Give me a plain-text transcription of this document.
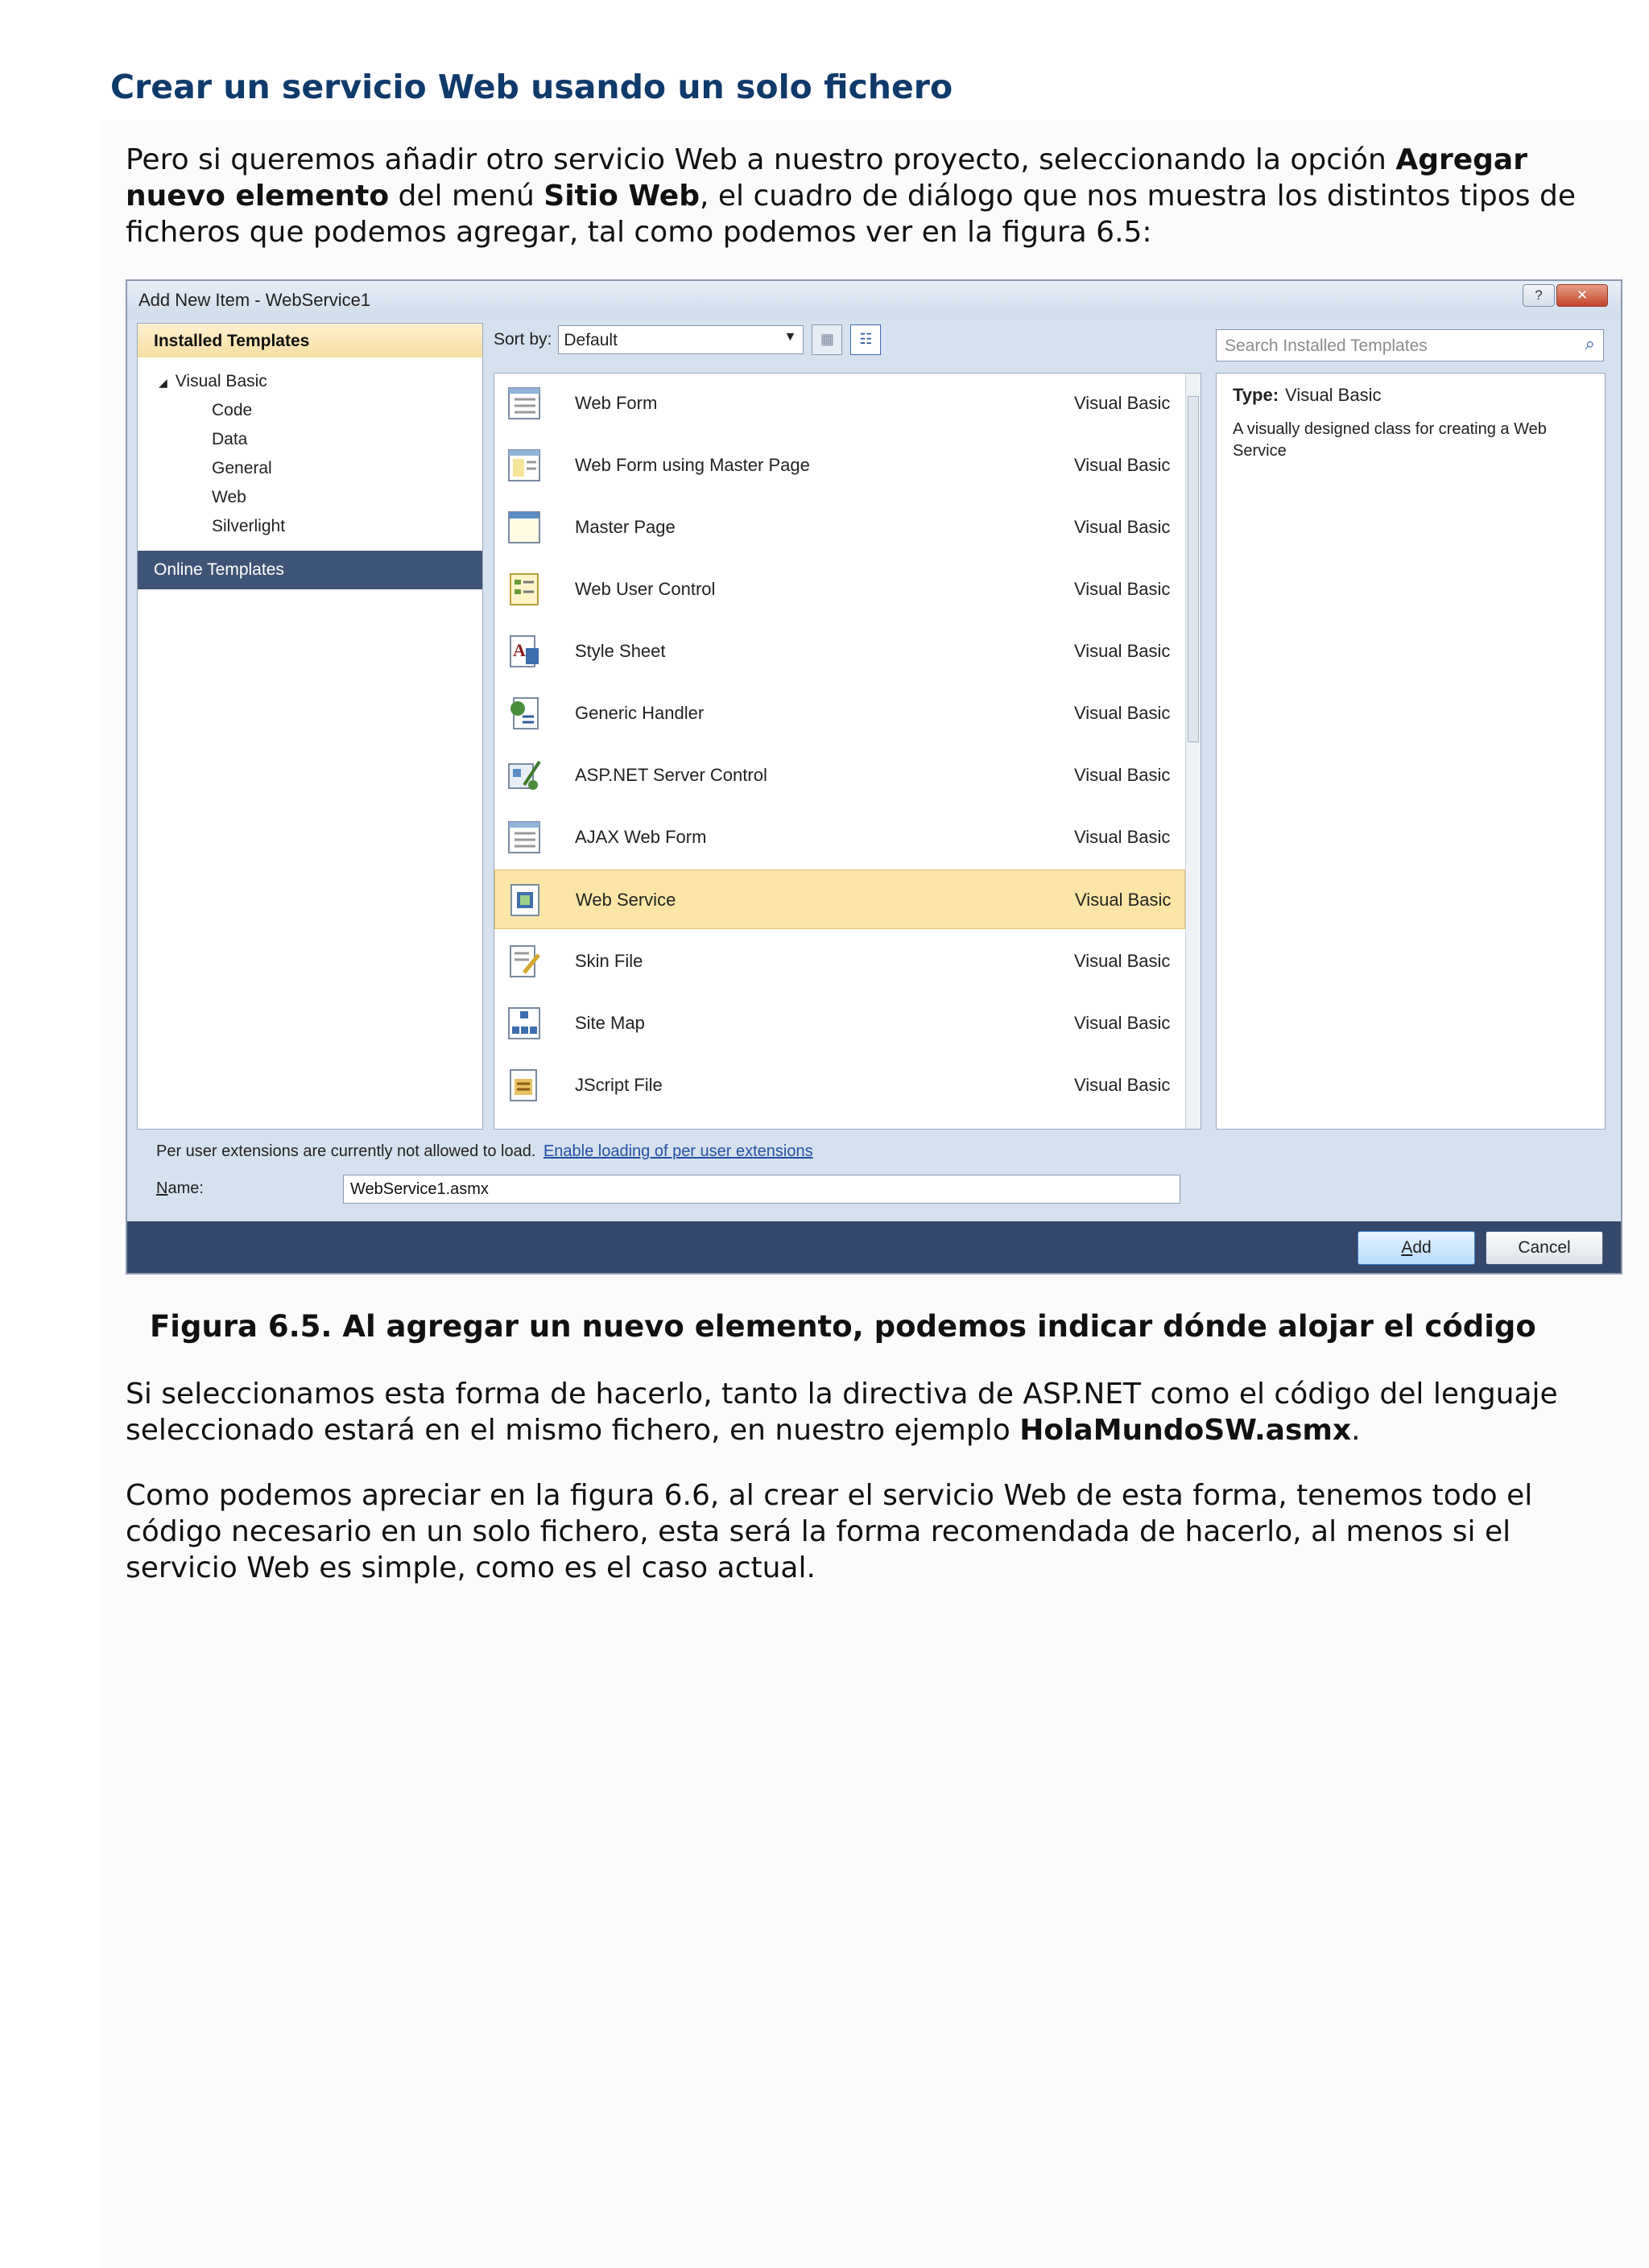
Crear un servicio Web usando un solo fichero
Pero si queremos añadir otro servicio Web a nuestro proyecto, seleccionando la opción Agregar nuevo elemento del menú Sitio Web, el cuadro de diálogo que nos muestra los distintos tipos de ficheros que podemos agregar, tal como podemos ver en la figura 6.5:
Add New Item - WebService1	?	✕
Installed Templates
◢ Visual Basic
Code
Data
General
Web
Silverlight
Online Templates
Sort by: Default	▼	▦	☷	Search Installed Templates	⌕
Web Form	Visual Basic
Web Form using Master Page	Visual Basic
Master Page	Visual Basic
Web User Control	Visual Basic
A	Style Sheet	Visual Basic
Generic Handler	Visual Basic
ASP.NET Server Control	Visual Basic
AJAX Web Form	Visual Basic
Web Service	Visual Basic
Skin File	Visual Basic
Site Map	Visual Basic
JScript File	Visual Basic
Type: Visual Basic
A visually designed class for creating a Web Service
Per user extensions are currently not allowed to load. Enable loading of per user extensions
Name:	WebService1.asmx
Add	Cancel
Figura 6.5. Al agregar un nuevo elemento, podemos indicar dónde alojar el código
Si seleccionamos esta forma de hacerlo, tanto la directiva de ASP.NET como el código del lenguaje seleccionado estará en el mismo fichero, en nuestro ejemplo HolaMundoSW.asmx.
Como podemos apreciar en la figura 6.6, al crear el servicio Web de esta forma, tenemos todo el código necesario en un solo fichero, esta será la forma recomendada de hacerlo, al menos si el servicio Web es simple, como es el caso actual.
